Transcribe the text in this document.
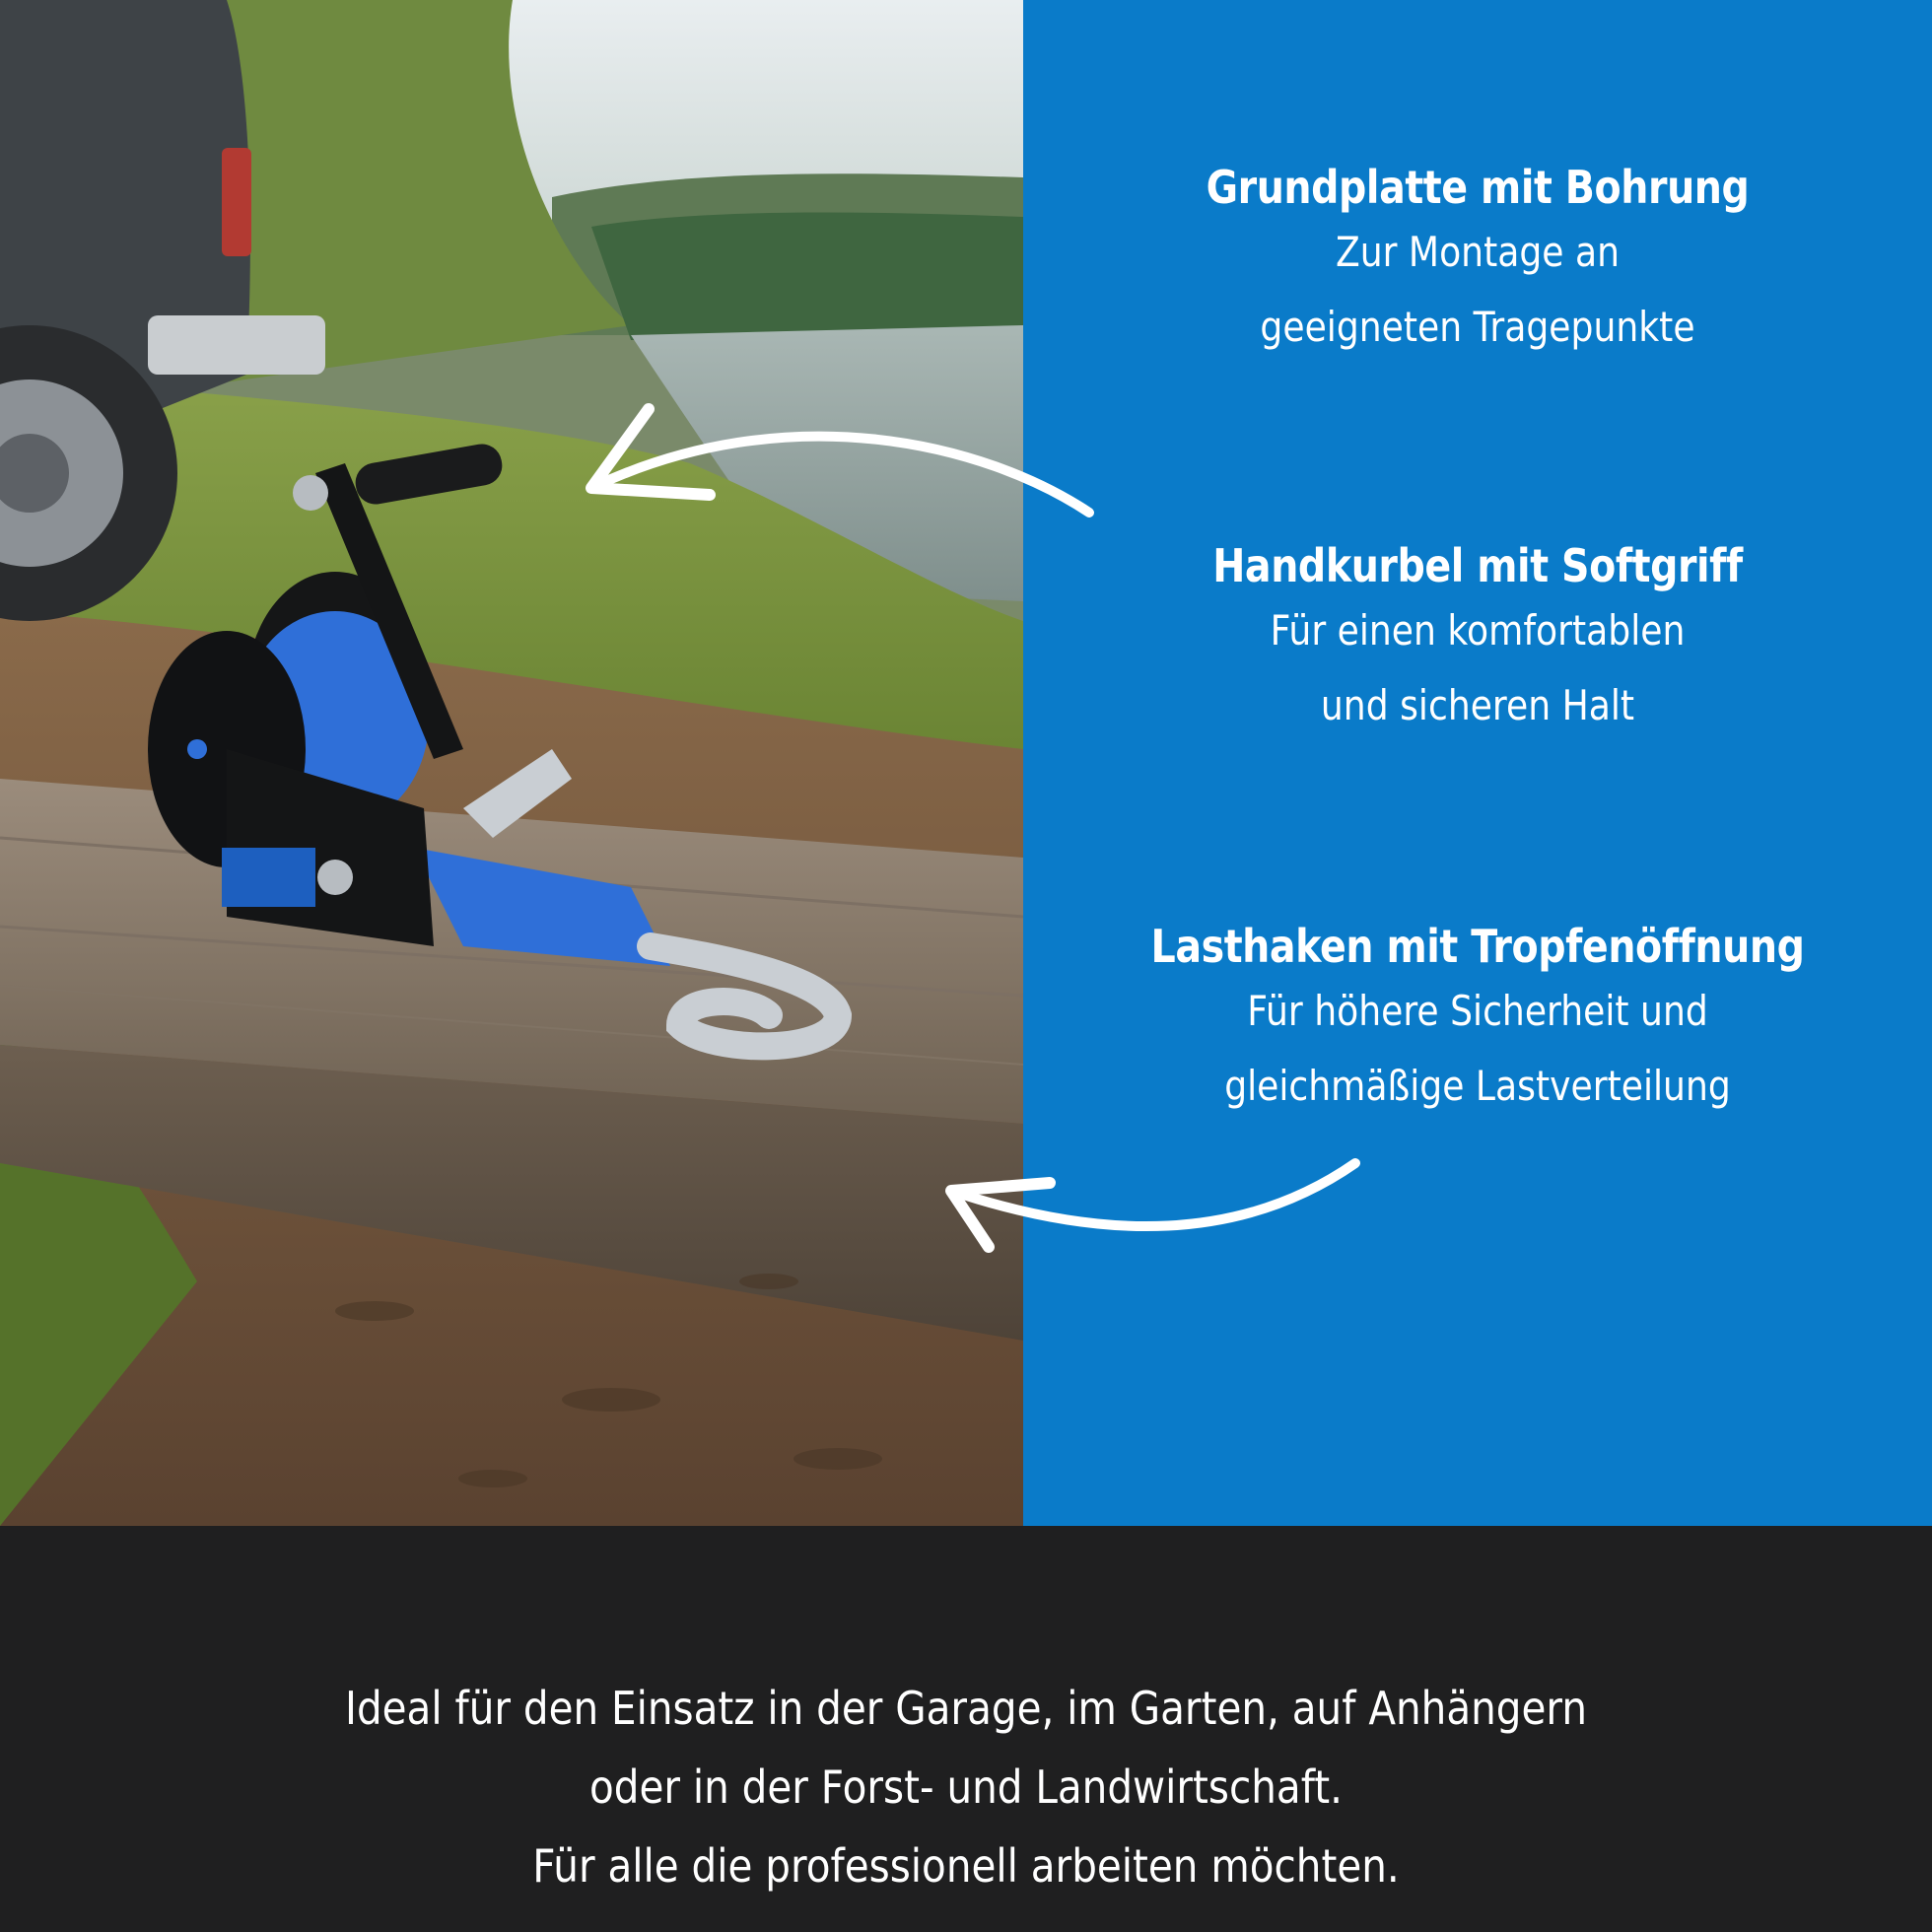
Grundplatte mit Bohrung
Zur Montage an
geeigneten Tragepunkte
Handkurbel mit Softgriff
Für einen komfortablen
und sicheren Halt
Lasthaken mit Tropfenöffnung
Für höhere Sicherheit und
gleichmäßige Lastverteilung
Ideal für den Einsatz in der Garage, im Garten, auf Anhängern
oder in der Forst- und Landwirtschaft.
Für alle die professionell arbeiten möchten.
